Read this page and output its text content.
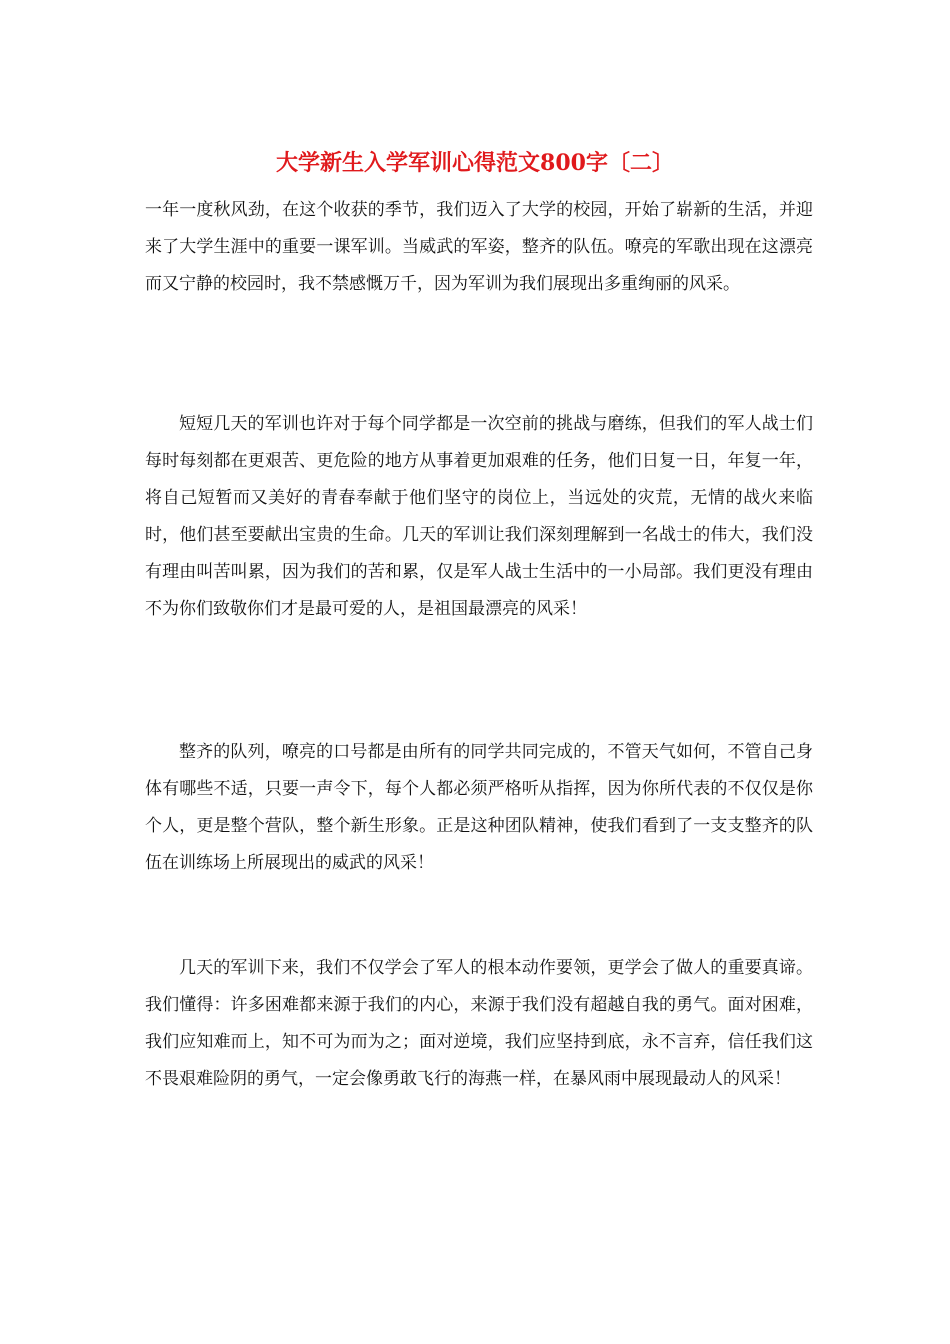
大学新生入学军训心得范文800字〔二〕

一年一度秋风劲，在这个收获的季节，我们迈入了大学的校园，开始了崭新的生活，并迎来了大学生涯中的重要一课军训。当威武的军姿，整齐的队伍。嘹亮的军歌出现在这漂亮而又宁静的校园时，我不禁感慨万千，因为军训为我们展现出多重绚丽的风采。

短短几天的军训也许对于每个同学都是一次空前的挑战与磨练，但我们的军人战士们每时每刻都在更艰苦、更危险的地方从事着更加艰难的任务，他们日复一日，年复一年，将自己短暂而又美好的青春奉献于他们坚守的岗位上，当远处的灾荒，无情的战火来临时，他们甚至要献出宝贵的生命。几天的军训让我们深刻理解到一名战士的伟大，我们没有理由叫苦叫累，因为我们的苦和累，仅是军人战士生活中的一小局部。我们更没有理由不为你们致敬你们才是最可爱的人，是祖国最漂亮的风采！

整齐的队列，嘹亮的口号都是由所有的同学共同完成的，不管天气如何，不管自己身体有哪些不适，只要一声令下，每个人都必须严格听从指挥，因为你所代表的不仅仅是你个人，更是整个营队，整个新生形象。正是这种团队精神，使我们看到了一支支整齐的队伍在训练场上所展现出的威武的风采！

几天的军训下来，我们不仅学会了军人的根本动作要领，更学会了做人的重要真谛。我们懂得：许多困难都来源于我们的内心，来源于我们没有超越自我的勇气。面对困难，我们应知难而上，知不可为而为之；面对逆境，我们应坚持到底，永不言弃，信任我们这不畏艰难险阴的勇气，一定会像勇敢飞行的海燕一样，在暴风雨中展现最动人的风采！
